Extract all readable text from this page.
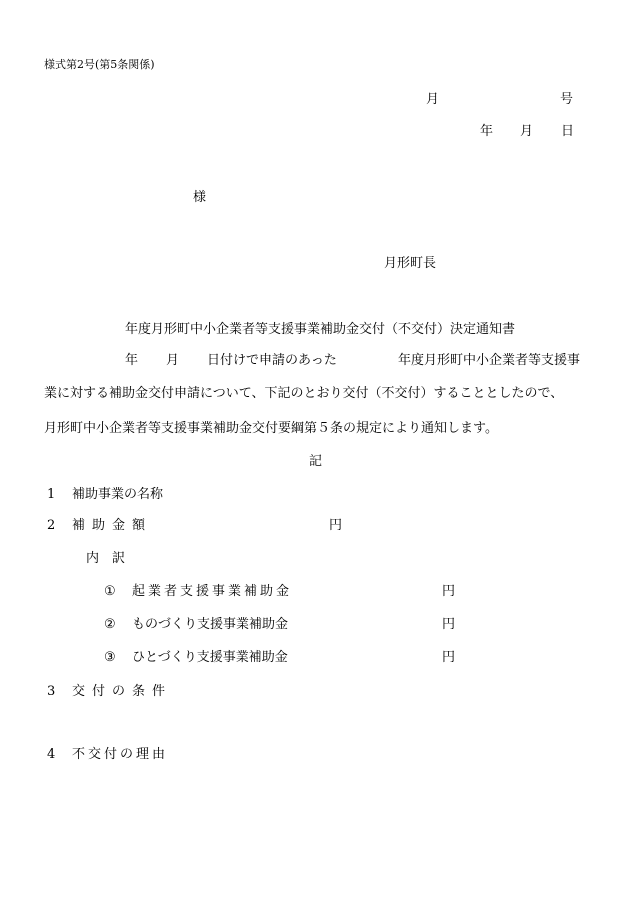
様式第2号(第5条関係)
月	号
年 月 日
様
月形町長
年度月形町中小企業者等支援事業補助金交付（不交付）決定通知書
年 月 日付けで申請のあった	年度月形町中小企業者等支援事
業に対する補助金交付申請について、下記のとおり交付（不交付）することとしたので、
月形町中小企業者等支援事業補助金交付要綱第５条の規定により通知します。
記
1 補助事業の名称
2 補助金額	円
内　訳
① 起業者支援事業補助金	円
② ものづくり支援事業補助金	円
③ ひとづくり支援事業補助金	円
3 交付の条件
4 不交付の理由
